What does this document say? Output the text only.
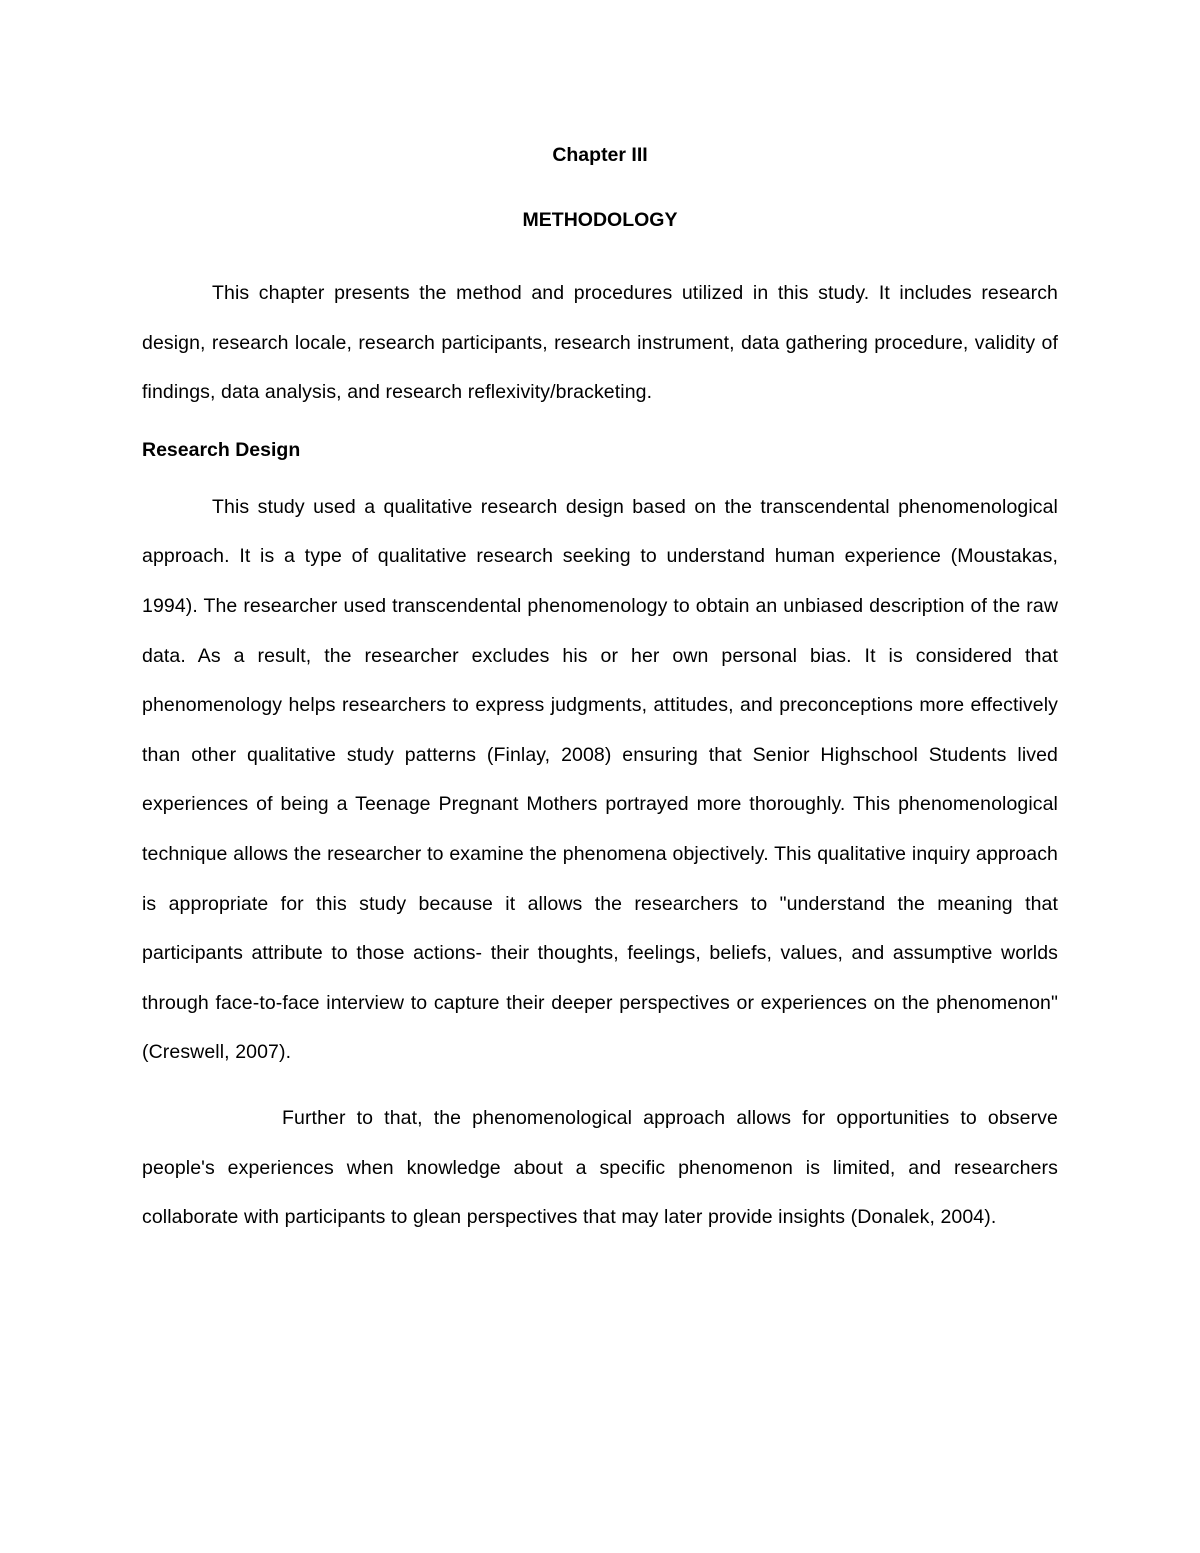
Chapter III
METHODOLOGY

This chapter presents the method and procedures utilized in this study. It includes research design, research locale, research participants, research instrument, data gathering procedure, validity of findings, data analysis, and research reflexivity/bracketing.

Research Design

This study used a qualitative research design based on the transcendental phenomenological approach. It is a type of qualitative research seeking to understand human experience (Moustakas, 1994). The researcher used transcendental phenomenology to obtain an unbiased description of the raw data. As a result, the researcher excludes his or her own personal bias. It is considered that phenomenology helps researchers to express judgments, attitudes, and preconceptions more effectively than other qualitative study patterns (Finlay, 2008) ensuring that Senior Highschool Students lived experiences of being a Teenage Pregnant Mothers portrayed more thoroughly. This phenomenological technique allows the researcher to examine the phenomena objectively. This qualitative inquiry approach is appropriate for this study because it allows the researchers to "understand the meaning that participants attribute to those actions- their thoughts, feelings, beliefs, values, and assumptive worlds through face-to-face interview to capture their deeper perspectives or experiences on the phenomenon" (Creswell, 2007).

Further to that, the phenomenological approach allows for opportunities to observe people's experiences when knowledge about a specific phenomenon is limited, and researchers collaborate with participants to glean perspectives that may later provide insights (Donalek, 2004).
